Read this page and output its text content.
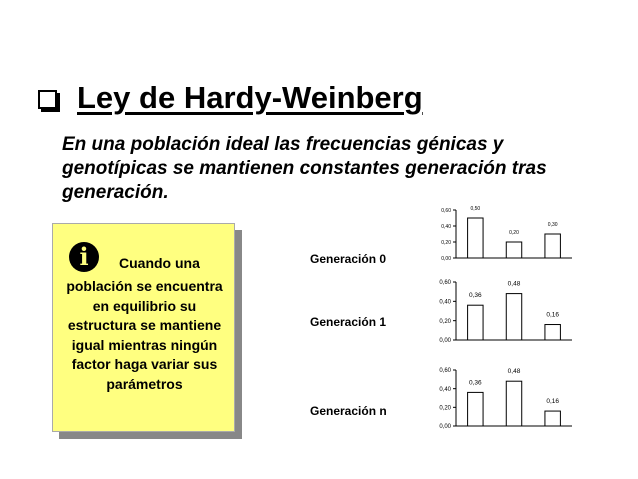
Ley de Hardy-Weinberg
En una población ideal las frecuencias génicas y genotípicas se mantienen constantes generación tras generación.
i	Cuando una
población se encuentra en equilibrio su estructura se mantiene igual mientras ningún factor haga variar sus parámetros
Generación 0
Generación 1
Generación n
0,00
0,20
0,40
0,60	0,50
0,20
0,30
0,00
0,20
0,40
0,60
0,36
0,48
0,16
0,00
0,20
0,40
0,60
0,36
0,48
0,16
